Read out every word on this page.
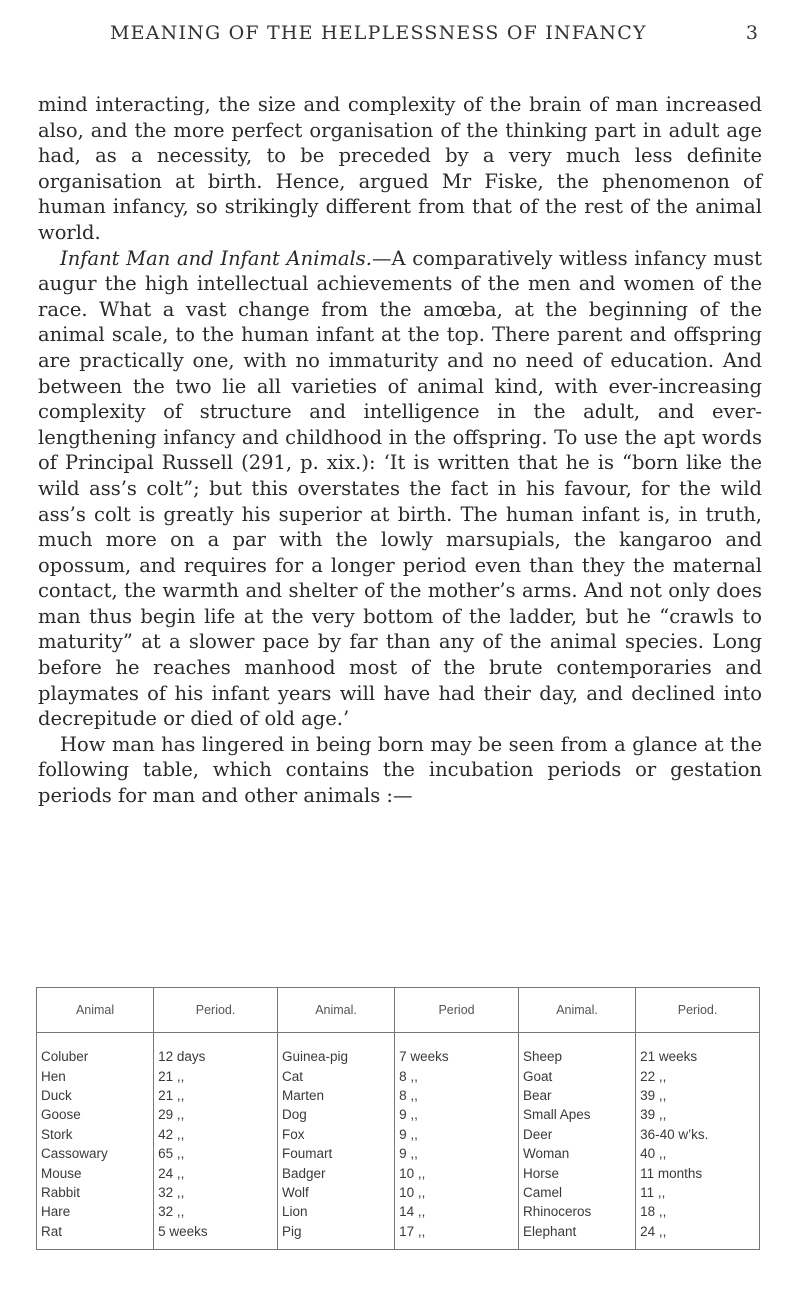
MEANING OF THE HELPLESSNESS OF INFANCY	3

mind interacting, the size and complexity of the brain of man increased also, and the more perfect organisation of the thinking part in adult age had, as a necessity, to be preceded by a very much less definite organisation at birth. Hence, argued Mr Fiske, the phenomenon of human infancy, so strikingly different from that of the rest of the animal world.

Infant Man and Infant Animals.—A comparatively witless infancy must augur the high intellectual achievements of the men and women of the race. What a vast change from the amœba, at the beginning of the animal scale, to the human infant at the top. There parent and offspring are practically one, with no immaturity and no need of education. And between the two lie all varieties of animal kind, with ever-increasing complexity of structure and intelligence in the adult, and ever-lengthening infancy and childhood in the offspring. To use the apt words of Principal Russell (291, p. xix.): ‘It is written that he is “born like the wild ass’s colt”; but this overstates the fact in his favour, for the wild ass’s colt is greatly his superior at birth. The human infant is, in truth, much more on a par with the lowly marsupials, the kangaroo and opossum, and requires for a longer period even than they the maternal contact, the warmth and shelter of the mother’s arms. And not only does man thus begin life at the very bottom of the ladder, but he “crawls to maturity” at a slower pace by far than any of the animal species. Long before he reaches manhood most of the brute contemporaries and playmates of his infant years will have had their day, and declined into decrepitude or died of old age.’

How man has lingered in being born may be seen from a glance at the following table, which contains the incubation periods or gestation periods for man and other animals :—

Animal	Period.	Animal.	Period	Animal.	Period.
Coluber	12 days	Guinea-pig	7 weeks	Sheep	21 weeks
Hen	21 ,,	Cat	8 ,,	Goat	22 ,,
Duck	21 ,,	Marten	8 ,,	Bear	39 ,,
Goose	29 ,,	Dog	9 ,,	Small Apes	39 ,,
Stork	42 ,,	Fox	9 ,,	Deer	36-40 w’ks.
Cassowary	65 ,,	Foumart	9 ,,	Woman	40 ,,
Mouse	24 ,,	Badger	10 ,,	Horse	11 months
Rabbit	32 ,,	Wolf	10 ,,	Camel	11 ,,
Hare	32 ,,	Lion	14 ,,	Rhinoceros	18 ,,
Rat	5 weeks	Pig	17 ,,	Elephant	24 ,,
